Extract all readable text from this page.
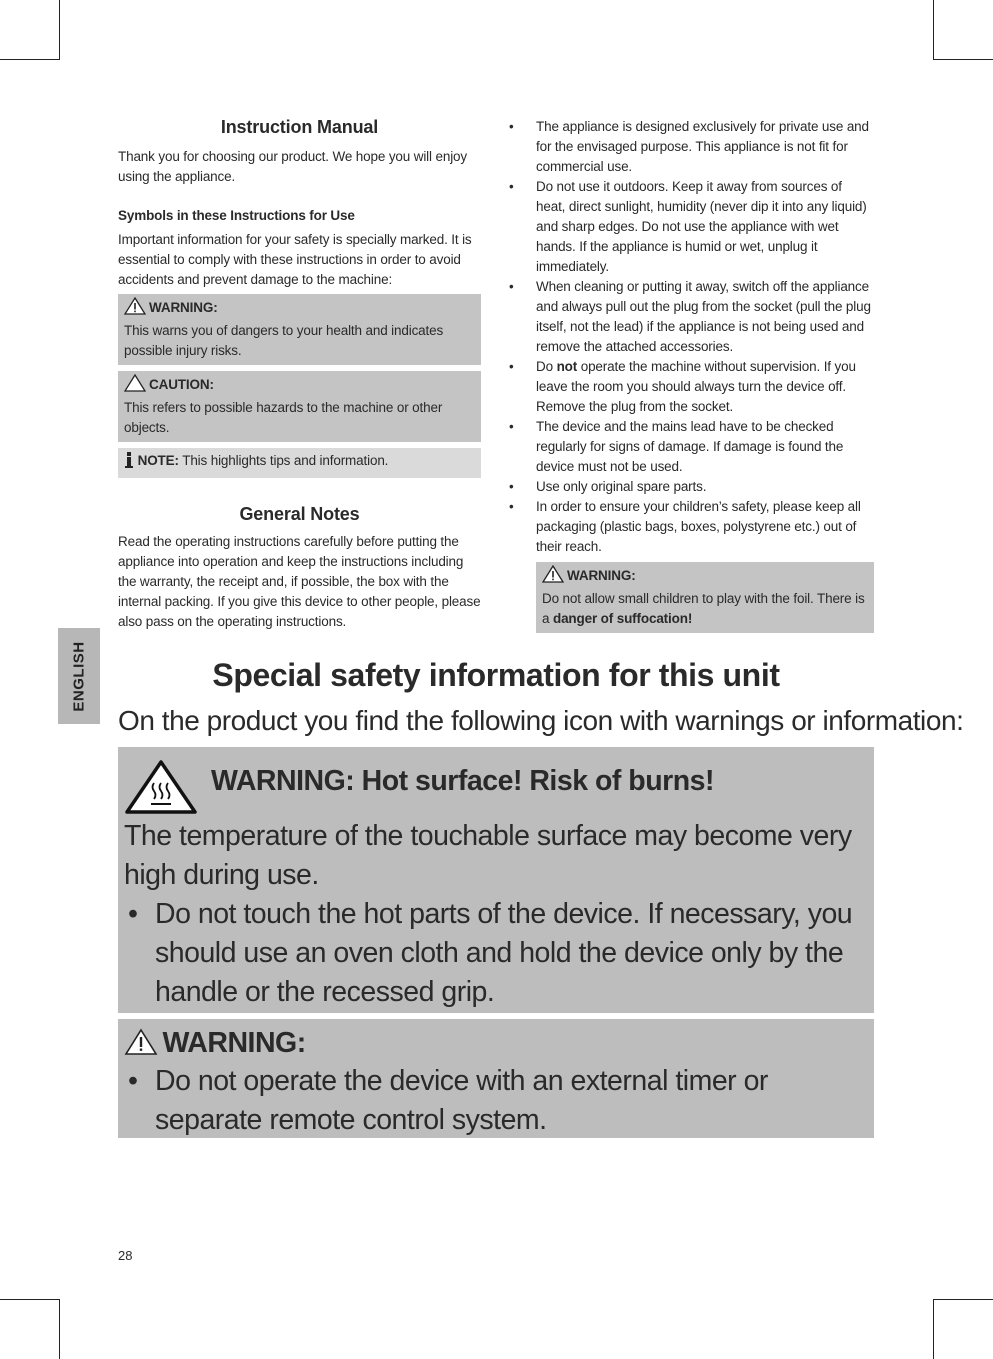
ENGLISH
Instruction Manual

Thank you for choosing our product. We hope you will enjoy using the appliance.

Symbols in these Instructions for Use

Important information for your safety is specially marked. It is essential to comply with these instructions in order to avoid accidents and prevent damage to the machine:

WARNING:

This warns you of dangers to your health and indicates possible injury risks.

CAUTION:

This refers to possible hazards to the machine or other objects.

NOTE: This highlights tips and information.
General Notes

Read the operating instructions carefully before putting the appliance into operation and keep the instructions including the warranty, the receipt and, if possible, the box with the internal packing. If you give this device to other people, please also pass on the operating instructions.

• The appliance is designed exclusively for private use and for the envisaged purpose. This appliance is not fit for commercial use.
• Do not use it outdoors. Keep it away from sources of heat, direct sunlight, humidity (never dip it into any liquid) and sharp edges. Do not use the appliance with wet hands. If the appliance is humid or wet, unplug it immediately.
• When cleaning or putting it away, switch off the appliance and always pull out the plug from the socket (pull the plug itself, not the lead) if the appliance is not being used and remove the attached accessories.
• Do not operate the machine without supervision. If you leave the room you should always turn the device off. Remove the plug from the socket.
• The device and the mains lead have to be checked regularly for signs of damage. If damage is found the device must not be used.
• Use only original spare parts.
• In order to ensure your children’s safety, please keep all packaging (plastic bags, boxes, polystyrene etc.) out of their reach.
WARNING:

Do not allow small children to play with the foil. There is a danger of suffocation!

Special safety information for this unit

On the product you find the following icon with warnings or information:

WARNING: Hot surface! Risk of burns!

The temperature of the touchable surface may become very high during use.

• Do not touch the hot parts of the device. If necessary, you should use an oven cloth and hold the device only by the handle or the recessed grip.
WARNING:
• Do not operate the device with an external timer or separate remote control system.
28
